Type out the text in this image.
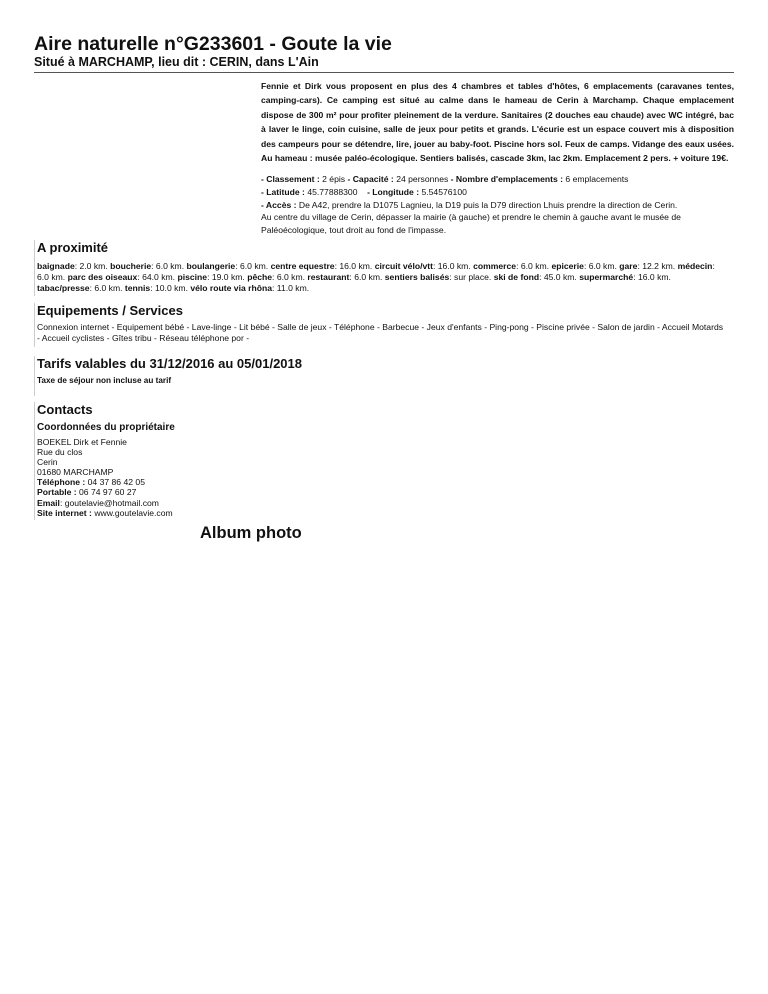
Aire naturelle n°G233601 - Goute la vie
Situé à MARCHAMP, lieu dit : CERIN, dans L'Ain

Fennie et Dirk vous proposent en plus des 4 chambres et tables d'hôtes, 6 emplacements (caravanes tentes, camping-cars). Ce camping est situé au calme dans le hameau de Cerin à Marchamp. Chaque emplacement dispose de 300 m² pour profiter pleinement de la verdure. Sanitaires (2 douches eau chaude) avec WC intégré, bac à laver le linge, coin cuisine, salle de jeux pour petits et grands. L'écurie est un espace couvert mis à disposition des campeurs pour se détendre, lire, jouer au baby-foot. Piscine hors sol. Feux de camps. Vidange des eaux usées. Au hameau : musée paléo-écologique. Sentiers balisés, cascade 3km, lac 2km. Emplacement 2 pers. + voiture 19€.

- Classement : 2 épis - Capacité : 24 personnes - Nombre d'emplacements : 6 emplacements
- Latitude : 45.77888300 - Longitude : 5.54576100
- Accès : De A42, prendre la D1075 Lagnieu, la D19 puis la D79 direction Lhuis prendre la direction de Cerin.
Au centre du village de Cerin, dépasser la mairie (à gauche) et prendre le chemin à gauche avant le musée de Paléoécologique, tout droit au fond de l'impasse.
A proximité

baignade: 2.0 km. boucherie: 6.0 km. boulangerie: 6.0 km. centre equestre: 16.0 km. circuit vélo/vtt: 16.0 km. commerce: 6.0 km. epicerie: 6.0 km. gare: 12.2 km. médecin: 6.0 km. parc des oiseaux: 64.0 km. piscine: 19.0 km. pêche: 6.0 km. restaurant: 6.0 km. sentiers balisés: sur place. ski de fond: 45.0 km. supermarché: 16.0 km. tabac/presse: 6.0 km. tennis: 10.0 km. vélo route via rhôna: 11.0 km.

Equipements / Services

Connexion internet - Equipement bébé - Lave-linge - Lit bébé - Salle de jeux - Téléphone - Barbecue - Jeux d'enfants - Ping-pong - Piscine privée - Salon de jardin - Accueil Motards - Accueil cyclistes - Gîtes tribu - Réseau téléphone por -

Tarifs valables du 31/12/2016 au 05/01/2018

Taxe de séjour non incluse au tarif

Contacts
Coordonnées du propriétaire
BOEKEL Dirk et Fennie
Rue du clos
Cerin
01680 MARCHAMP
Téléphone : 04 37 86 42 05
Portable : 06 74 97 60 27
Email: goutelavie@hotmail.com
Site internet : www.goutelavie.com
Album photo
